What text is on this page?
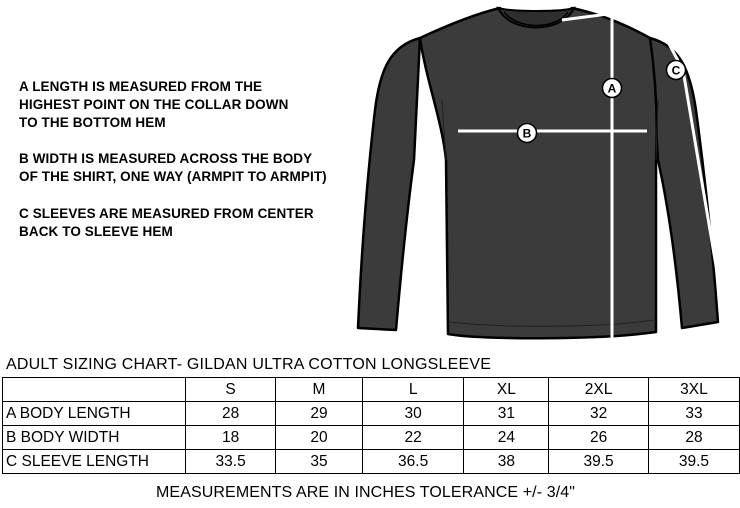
A LENGTH IS MEASURED FROM THE
HIGHEST POINT ON THE COLLAR DOWN
TO THE BOTTOM HEM

B WIDTH IS MEASURED ACROSS THE BODY
OF THE SHIRT, ONE WAY (ARMPIT TO ARMPIT)

C SLEEVES ARE MEASURED FROM CENTER
BACK TO SLEEVE HEM

A
B
C
ADULT SIZING CHART- GILDAN ULTRA COTTON LONGSLEEVE
	S	M	L	XL	2XL	3XL
A BODY LENGTH	28	29	30	31	32	33
B BODY WIDTH	18	20	22	24	26	28
C SLEEVE LENGTH	33.5	35	36.5	38	39.5	39.5
MEASUREMENTS ARE IN INCHES TOLERANCE +/- 3/4"
